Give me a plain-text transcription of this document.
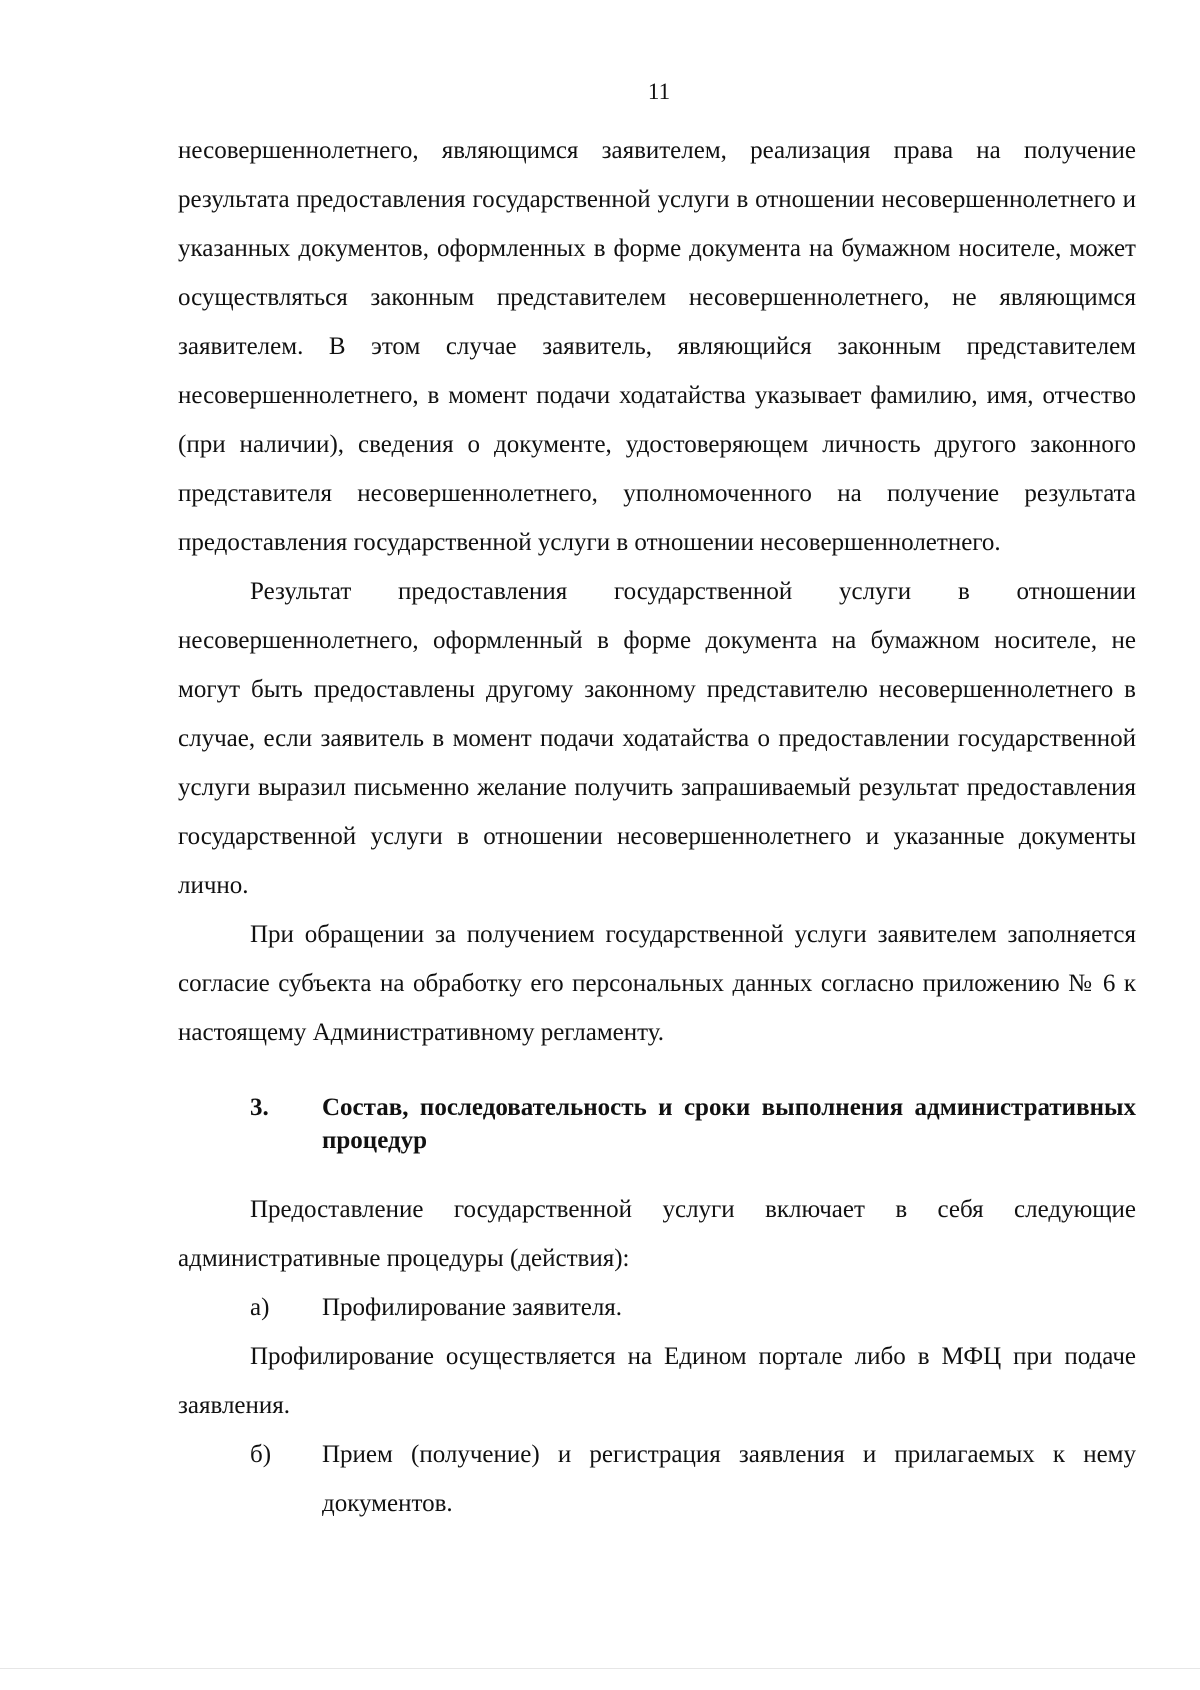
11

несовершеннолетнего, являющимся заявителем, реализация права на получение результата предоставления государственной услуги в отношении несовершеннолетнего и указанных документов, оформленных в форме документа на бумажном носителе, может осуществляться законным представителем несовершеннолетнего, не являющимся заявителем. В этом случае заявитель, являющийся законным представителем несовершеннолетнего, в момент подачи ходатайства указывает фамилию, имя, отчество (при наличии), сведения о документе, удостоверяющем личность другого законного представителя несовершеннолетнего, уполномоченного на получение результата предоставления государственной услуги в отношении несовершеннолетнего.

Результат предоставления государственной услуги в отношении несовершеннолетнего, оформленный в форме документа на бумажном носителе, не могут быть предоставлены другому законному представителю несовершеннолетнего в случае, если заявитель в момент подачи ходатайства о предоставлении государственной услуги выразил письменно желание получить запрашиваемый результат предоставления государственной услуги в отношении несовершеннолетнего и указанные документы лично.

При обращении за получением государственной услуги заявителем заполняется согласие субъекта на обработку его персональных данных согласно приложению № 6 к настоящему Административному регламенту.

3.	Состав, последовательность и сроки выполнения административных процедур

Предоставление государственной услуги включает в себя следующие административные процедуры (действия):

а)	Профилирование заявителя.

Профилирование осуществляется на Едином портале либо в МФЦ при подаче заявления.

б)	Прием (получение) и регистрация заявления и прилагаемых к нему документов.
